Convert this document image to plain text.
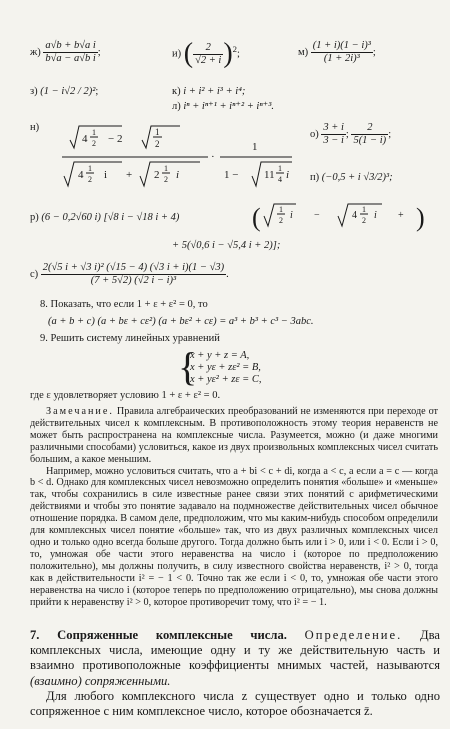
$ж) \frac{\text{a√b + b√a i}}{\text{b√a − a√b i}}$ ;	и) ( $\frac{2}{√2 + i} )^2$;	$м) \frac{\text{(1 + i)(1 − i)³}}{\text{(1 + 2i)³}}$ ;
з) (1 − i√2 / 2)²;	к) i + i² + i³ + i⁴;
л) iⁿ + iⁿ⁺¹ + iⁿ⁺² + iⁿ⁺³.
н)
4
1
2 − 2
1
2
4
1
2 i + 2
1
2 i
·
1
1 − 11
1
4 i
$о) \frac{3 + i}{3 - i}$ ; $\frac{2}{5(1 - i)}$ ;
п) (−0,5 + i √3/2)³;
р) (6 − 0,2√60 i) [√8 i − √18 i + 4)	(	)
1
2 i −	4
1
2 i +
+ 5(√0,6 i − √5,4 i + 2)];
$с) \frac{\text{2(√5 i + √3 i)² (√15 − 4) (√3 i + i)(1 − √3)}}{\text{(7 + 5√2) (√2 i − i)³}}$ .
8. Показать, что если 1 + ε + ε² = 0, то
(a + b + c) (a + bε + cε²) (a + bε² + cε) = a³ + b³ + c³ − 3abc.
9. Решить систему линейных уравнений
{
x + y + z = A,
x + yε + zε² = B,
x + yε² + zε = C,
где ε удовлетворяет условию 1 + ε + ε² = 0.

Замечание. Правила алгебраических преобразований не изменяются при переходе от действительных чисел к комплексным. В противоположность этому теория неравенств не может быть распространена на комплексные числа. Разумеется, можно (и даже многими различными способами) условиться, какое из двух произвольных комплексных чисел считать большим, а какое меньшим.

Например, можно условиться считать, что a + bi < c + di, когда a < c, а если a = c — когда b < d. Однако для комплексных чисел невозможно определить понятия «больше» и «меньше» так, чтобы сохранились в силе известные ранее связи этих понятий с арифметическими действиями и чтобы это понятие задавало на подмножестве действительных чисел обычное отношение порядка. В самом деле, предположим, что мы каким-нибудь способом определили для комплексных чисел понятие «больше» так, что из двух различных комплексных чисел одно и только одно всегда больше другого. Тогда должно быть или i > 0, или i < 0. Если i > 0, то, умножая обе части этого неравенства на число i (которое по предположению положительно), мы должны получить, в силу известного свойства неравенств, i² > 0, тогда как в действительности i² = − 1 < 0. Точно так же если i < 0, то, умножая обе части этого неравенства на число i (которое теперь по предположению отрицательно), мы снова должны прийти к неравенству i² > 0, которое противоречит тому, что i² = − 1.

7. Сопряженные комплексные числа. Определение. Два комплексных числа, имеющие одну и ту же действительную часть и взаимно противоположные коэффициенты мнимых частей, называются (взаимно) сопряженными.

Для любого комплексного числа z существует одно и только одно сопряженное с ним комплексное число, которое обозначается z̄.
